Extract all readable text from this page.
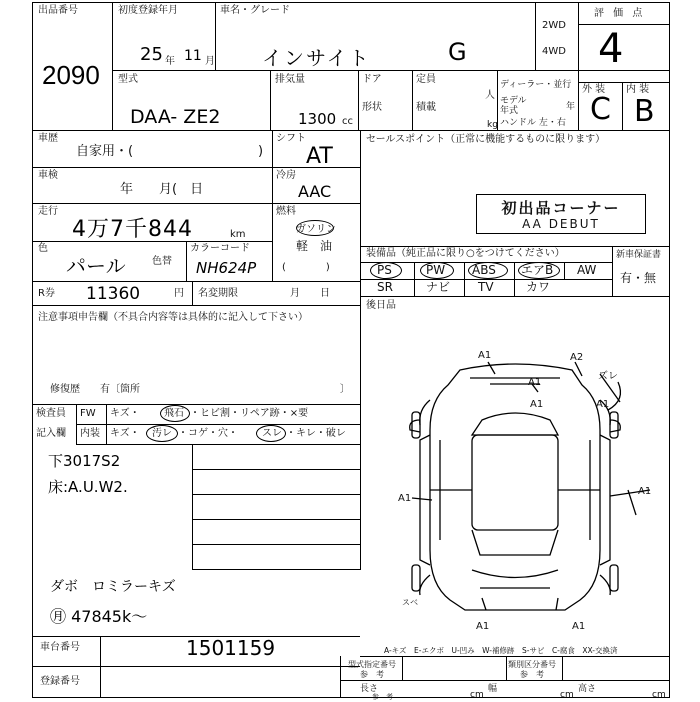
出品番号
2090
初度登録年月
25 年 11 月
車名・グレード
インサイト	G
2WD
4WD
評 価 点
4
型式
DAA- ZE2
排気量
1300 cc
ドア
形状
定員
人
積載
kg
ディーラー・並行
モデル年式	年
ハンドル 左・右
外 装 内 装
C B
車歴
自家用・(	)
車検
年　　月(　日
走行
4万7千844	km
色
パール	色替
カラーコード
NH624P
シフト
AT
冷房
AAC
燃料
ガソリン
軽　油
(　　　　)
セールスポイント（正常に機能するものに限ります）
初出品コーナー
AA DEBUT
装備品（純正品に限り○をつけてください）	新車保証書
有・無
PS	PW ABS エアB AW
SR	ナビ TV	カワ
後日品
R券 11360	円 名変期限	月　　日
注意事項申告欄（不具合内容等は具体的に記入して下さい）
修復歴　　有〔箇所	〕
検査員
記入欄
FW キズ・ 飛石 ・ヒビ割・リペア跡・×要
内装 キズ・ 汚レ ・コゲ・穴・ スレ ・キレ・破レ
下3017S2
床:A.U.W2.
ダボ　ロミラーキズ
㊊ 47845k〜
A1	A2
ズレ
A1
A1	A1
A1
A1
A1
スベ
A1
A-キズ　E-エクボ　U-凹み　W-補修跡　S-サビ　C-腐食　XX-交換済
車台番号	1501159
登録番号
型式指定番号
参　考
類別区分番号
参　考
長さ
参　考	cm
幅
cm
高さ
cm
